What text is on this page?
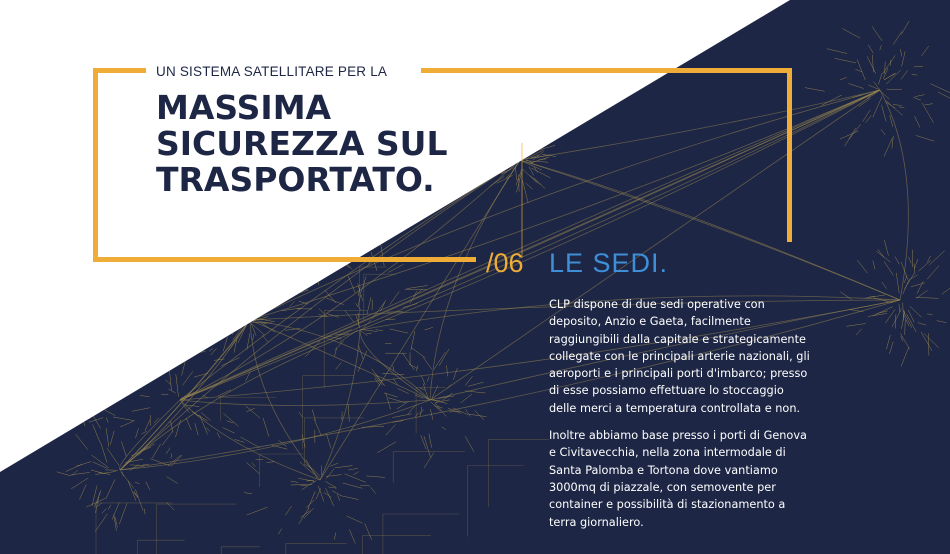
UN SISTEMA SATELLITARE PER LA
MASSIMA
SICUREZZA SUL
TRASPORTATO.
/06 LE SEDI.

CLP dispone di due sedi operative con deposito, Anzio e Gaeta, facilmente raggiungibili dalla capitale e strategicamente collegate con le principali arterie nazionali, gli aeroporti e i principali porti d'imbarco; presso di esse possiamo effettuare lo stoccaggio delle merci a temperatura controllata e non.

Inoltre abbiamo base presso i porti di Genova e Civitavecchia, nella zona intermodale di Santa Palomba e Tortona dove vantiamo 3000mq di piazzale, con semovente per container e possibilità di stazionamento a terra giornaliero.
